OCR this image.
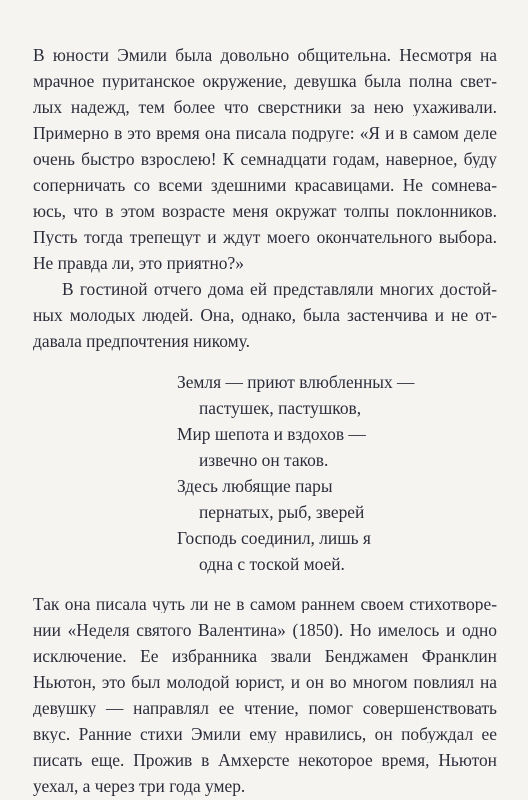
В юности Эмили была довольно общительна. Несмотря на
мрачное пуританское окружение, девушка была полна свет-
лых надежд, тем более что сверстники за нею ухаживали.
Примерно в это время она писала подруге: «Я и в самом деле
очень быстро взрослею! К семнадцати годам, наверное, буду
соперничать со всеми здешними красавицами. Не сомнева-
юсь, что в этом возрасте меня окружат толпы поклонников.
Пусть тогда трепещут и ждут моего окончательного выбора.
Не правда ли, это приятно?»
В гостиной отчего дома ей представляли многих достой-
ных молодых людей. Она, однако, была застенчива и не от-
давала предпочтения никому.
Земля — приют влюбленных —
пастушек, пастушков,
Мир шепота и вздохов —
извечно он таков.
Здесь любящие пары
пернатых, рыб, зверей
Господь соединил, лишь я
одна с тоской моей.
Так она писала чуть ли не в самом раннем своем стихотворе-
нии «Неделя святого Валентина» (1850). Но имелось и одно
исключение. Ее избранника звали Бенджамен Франклин
Ньютон, это был молодой юрист, и он во многом повлиял на
девушку — направлял ее чтение, помог совершенствовать
вкус. Ранние стихи Эмили ему нравились, он побуждал ее
писать еще. Прожив в Амхерсте некоторое время, Ньютон
уехал, а через три года умер.
